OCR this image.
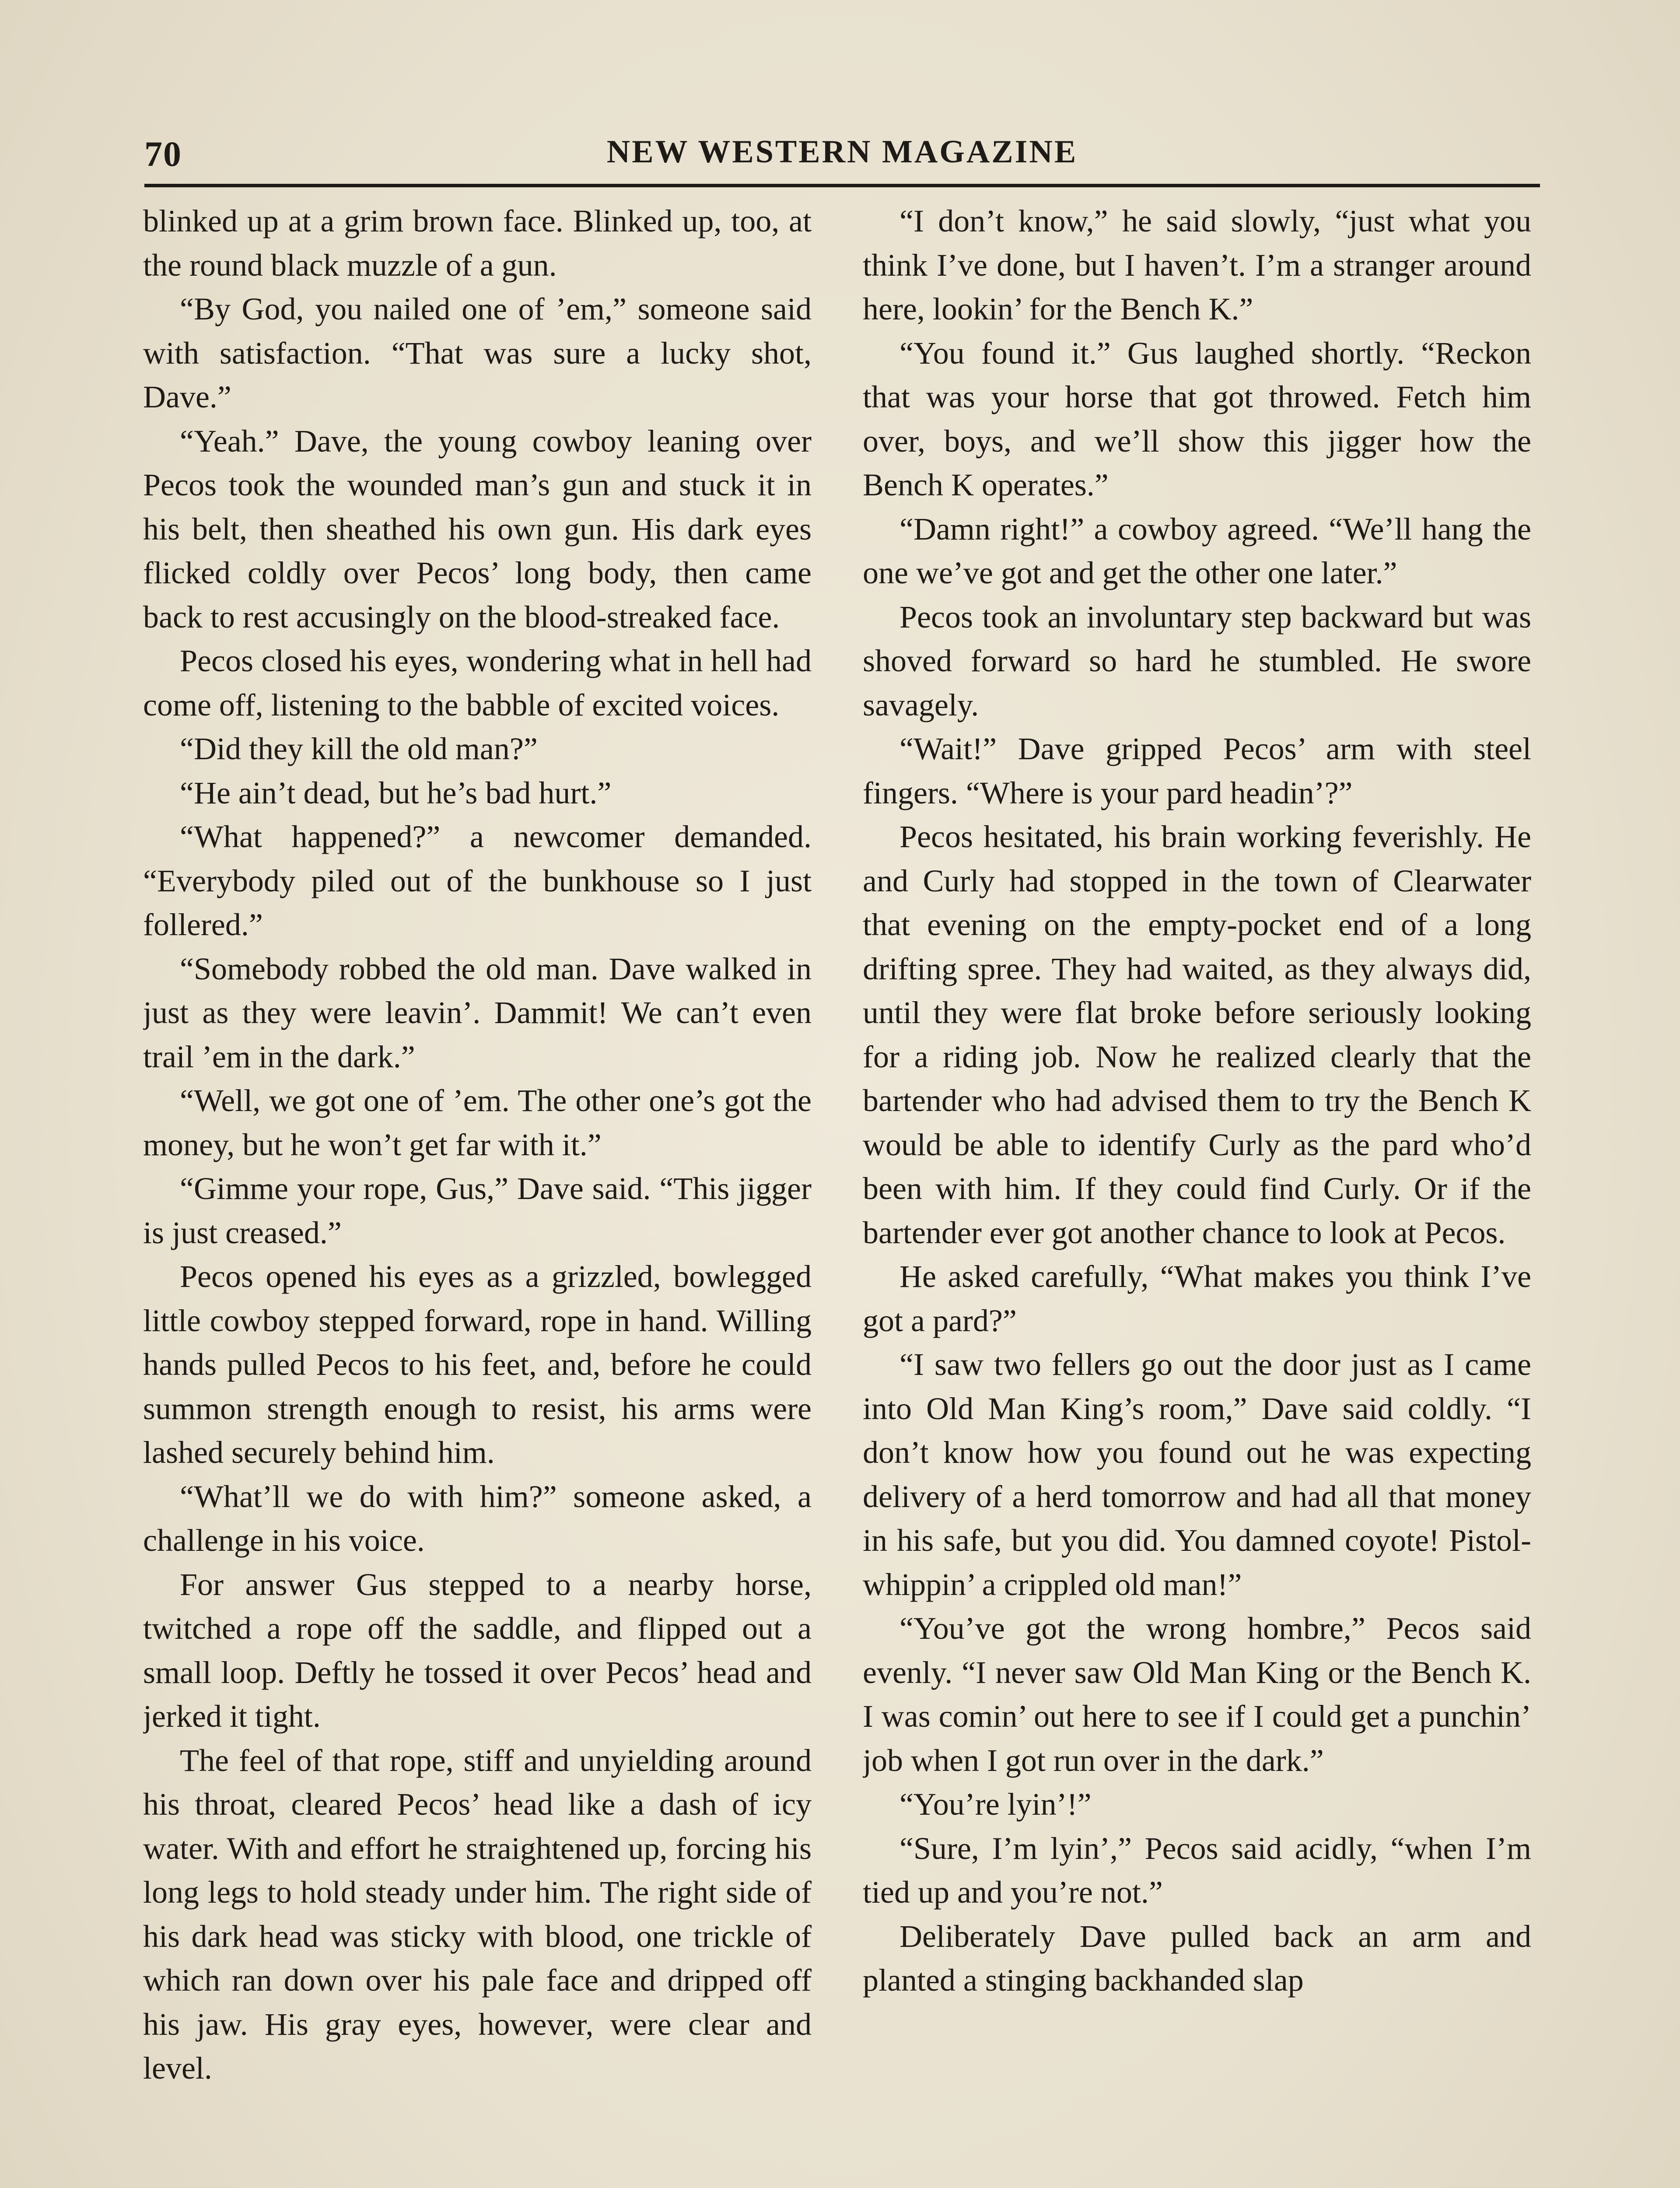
70	NEW WESTERN MAGAZINE

blinked up at a grim brown face. Blinked up, too, at the round black muzzle of a gun.

“By God, you nailed one of ’em,” someone said with satisfaction. “That was sure a lucky shot, Dave.”

“Yeah.” Dave, the young cowboy leaning over Pecos took the wounded man’s gun and stuck it in his belt, then sheathed his own gun. His dark eyes flicked coldly over Pecos’ long body, then came back to rest accusingly on the blood-streaked face.

Pecos closed his eyes, wondering what in hell had come off, listening to the babble of excited voices.

“Did they kill the old man?”

“He ain’t dead, but he’s bad hurt.”

“What happened?” a newcomer demanded. “Everybody piled out of the bunkhouse so I just follered.”

“Somebody robbed the old man. Dave walked in just as they were leavin’. Dammit! We can’t even trail ’em in the dark.”

“Well, we got one of ’em. The other one’s got the money, but he won’t get far with it.”

“Gimme your rope, Gus,” Dave said. “This jigger is just creased.”

Pecos opened his eyes as a grizzled, bowlegged little cowboy stepped forward, rope in hand. Willing hands pulled Pecos to his feet, and, before he could summon strength enough to resist, his arms were lashed securely behind him.

“What’ll we do with him?” someone asked, a challenge in his voice.

For answer Gus stepped to a nearby horse, twitched a rope off the saddle, and flipped out a small loop. Deftly he tossed it over Pecos’ head and jerked it tight.

The feel of that rope, stiff and unyielding around his throat, cleared Pecos’ head like a dash of icy water. With and effort he straightened up, forcing his long legs to hold steady under him. The right side of his dark head was sticky with blood, one trickle of which ran down over his pale face and dripped off his jaw. His gray eyes, however, were clear and level.

“I don’t know,” he said slowly, “just what you think I’ve done, but I haven’t. I’m a stranger around here, lookin’ for the Bench K.”

“You found it.” Gus laughed shortly. “Reckon that was your horse that got throwed. Fetch him over, boys, and we’ll show this jigger how the Bench K operates.”

“Damn right!” a cowboy agreed. “We’ll hang the one we’ve got and get the other one later.”

Pecos took an involuntary step backward but was shoved forward so hard he stumbled. He swore savagely.

“Wait!” Dave gripped Pecos’ arm with steel fingers. “Where is your pard headin’?”

Pecos hesitated, his brain working feverishly. He and Curly had stopped in the town of Clearwater that evening on the empty-pocket end of a long drifting spree. They had waited, as they always did, until they were flat broke before seriously looking for a riding job. Now he realized clearly that the bartender who had advised them to try the Bench K would be able to identify Curly as the pard who’d been with him. If they could find Curly. Or if the bartender ever got another chance to look at Pecos.

He asked carefully, “What makes you think I’ve got a pard?”

“I saw two fellers go out the door just as I came into Old Man King’s room,” Dave said coldly. “I don’t know how you found out he was expecting delivery of a herd tomorrow and had all that money in his safe, but you did. You damned coyote! Pistol-whippin’ a crippled old man!”

“You’ve got the wrong hombre,” Pecos said evenly. “I never saw Old Man King or the Bench K. I was comin’ out here to see if I could get a punchin’ job when I got run over in the dark.”

“You’re lyin’!”

“Sure, I’m lyin’,” Pecos said acidly, “when I’m tied up and you’re not.”

Deliberately Dave pulled back an arm and planted a stinging backhanded slap
